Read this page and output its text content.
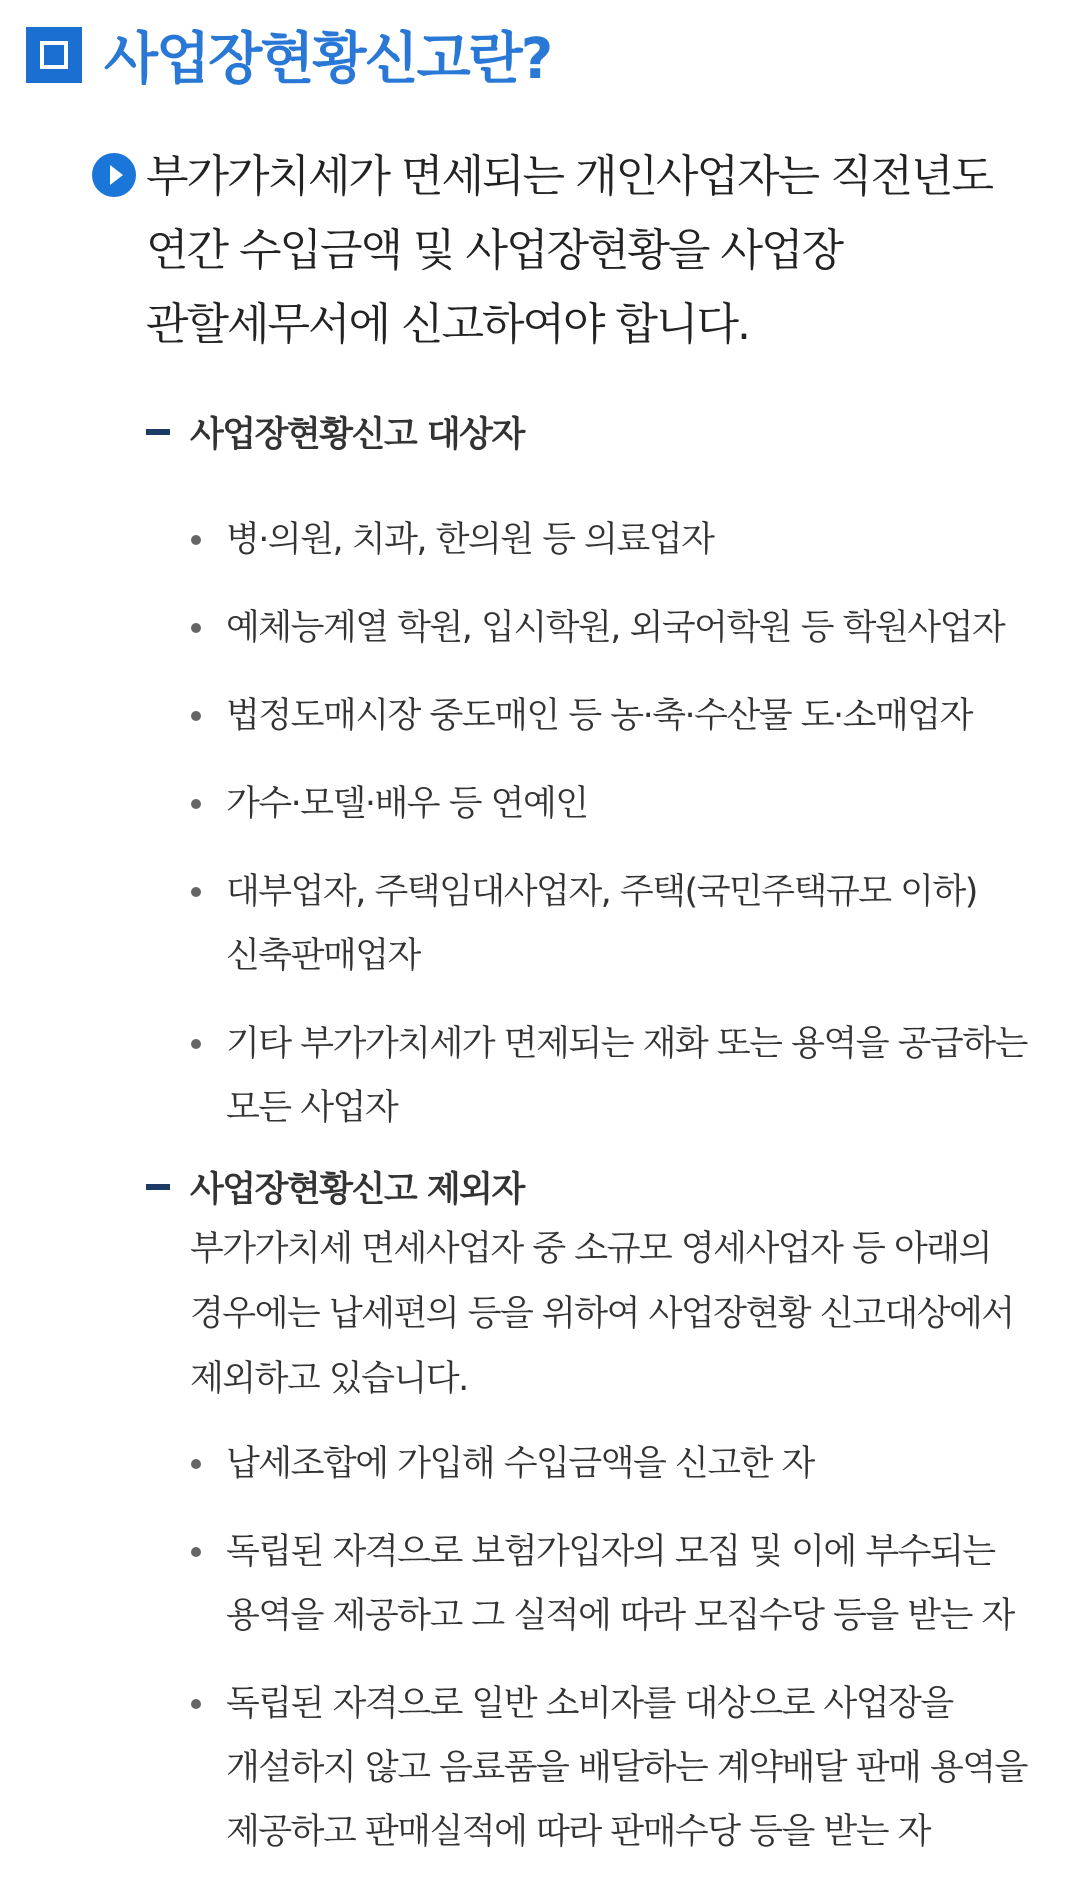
사업장현황신고란?
부가가치세가 면세되는 개인사업자는 직전년도
연간 수입금액 및 사업장현황을 사업장
관할세무서에 신고하여야 합니다.
사업장현황신고 대상자
병·의원, 치과, 한의원 등 의료업자
예체능계열 학원, 입시학원, 외국어학원 등 학원사업자
법정도매시장 중도매인 등 농·축·수산물 도·소매업자
가수·모델·배우 등 연예인
대부업자, 주택임대사업자, 주택(국민주택규모 이하)
신축판매업자
기타 부가가치세가 면제되는 재화 또는 용역을 공급하는
모든 사업자
사업장현황신고 제외자
부가가치세 면세사업자 중 소규모 영세사업자 등 아래의
경우에는 납세편의 등을 위하여 사업장현황 신고대상에서
제외하고 있습니다.
납세조합에 가입해 수입금액을 신고한 자
독립된 자격으로 보험가입자의 모집 및 이에 부수되는
용역을 제공하고 그 실적에 따라 모집수당 등을 받는 자
독립된 자격으로 일반 소비자를 대상으로 사업장을
개설하지 않고 음료품을 배달하는 계약배달 판매 용역을
제공하고 판매실적에 따라 판매수당 등을 받는 자
